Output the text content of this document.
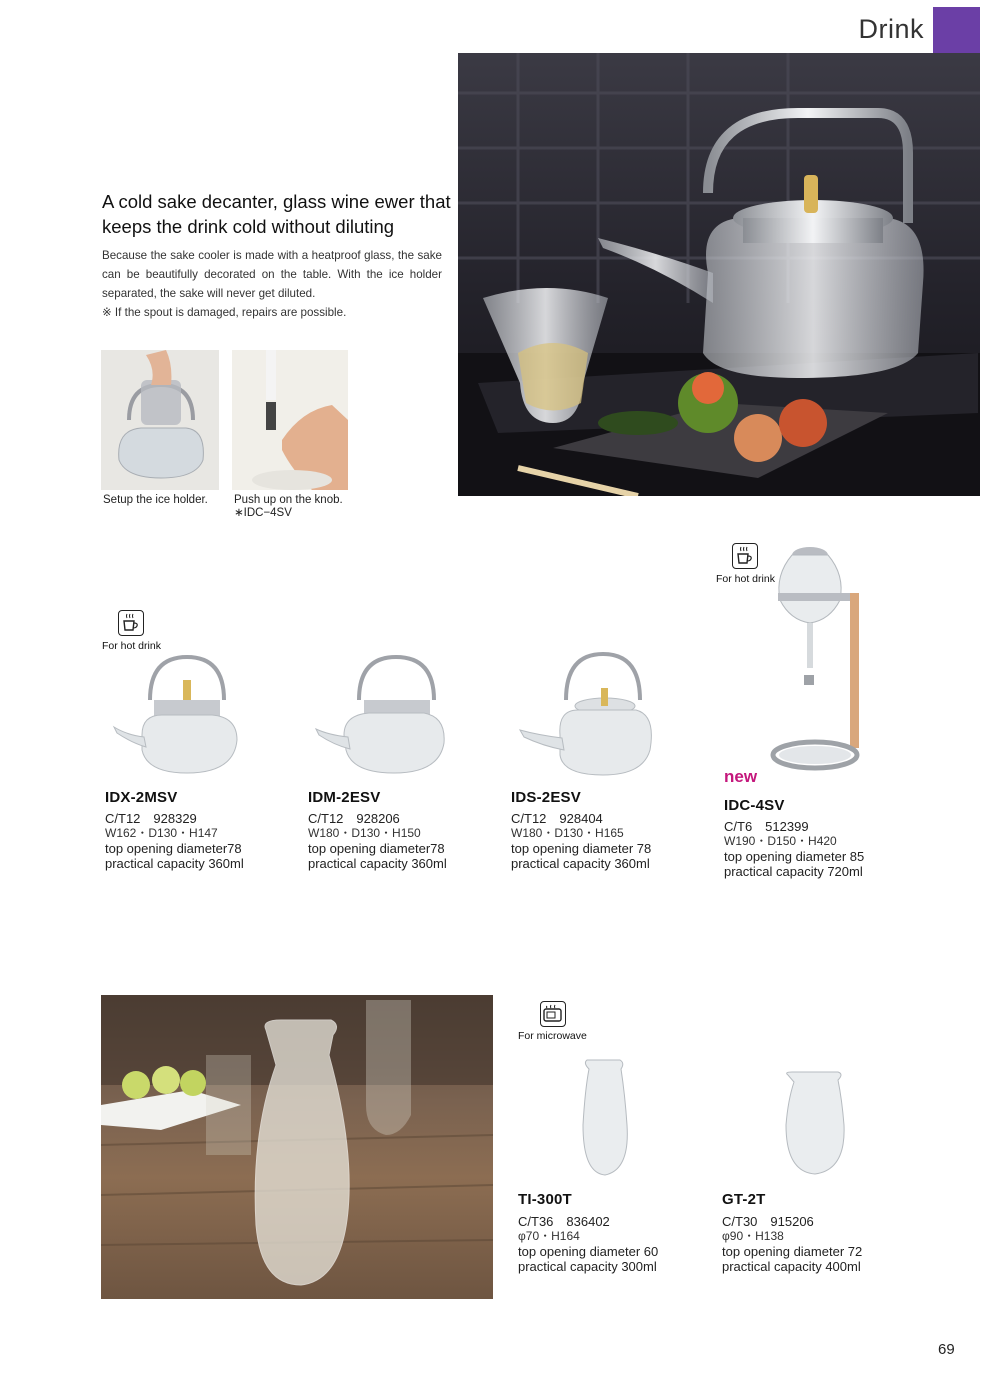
Drink
A cold sake decanter, glass wine ewer that
keeps the drink cold without diluting

Because the sake cooler is made with a heatproof glass, the sake can be beautifully decorated on the table. With the ice holder separated, the sake will never get diluted.

※ If the spout is damaged, repairs are possible.

Setup the ice holder. Push up on the knob.
∗IDC−4SV
For hot drink
For hot drink
IDX-2MSV
C/T12　928329
W162・D130・H147
top opening diameter78
practical capacity 360ml
IDM-2ESV
C/T12　928206
W180・D130・H150
top opening diameter78
practical capacity 360ml
IDS-2ESV
C/T12　928404
W180・D130・H165
top opening diameter 78
practical capacity 360ml
new
IDC-4SV
C/T6　512399
W190・D150・H420
top opening diameter 85
practical capacity 720ml
For microwave
TI-300T
C/T36　836402
φ70・H164
top opening diameter 60
practical capacity 300ml
GT-2T
C/T30　915206
φ90・H138
top opening diameter 72
practical capacity 400ml
69
